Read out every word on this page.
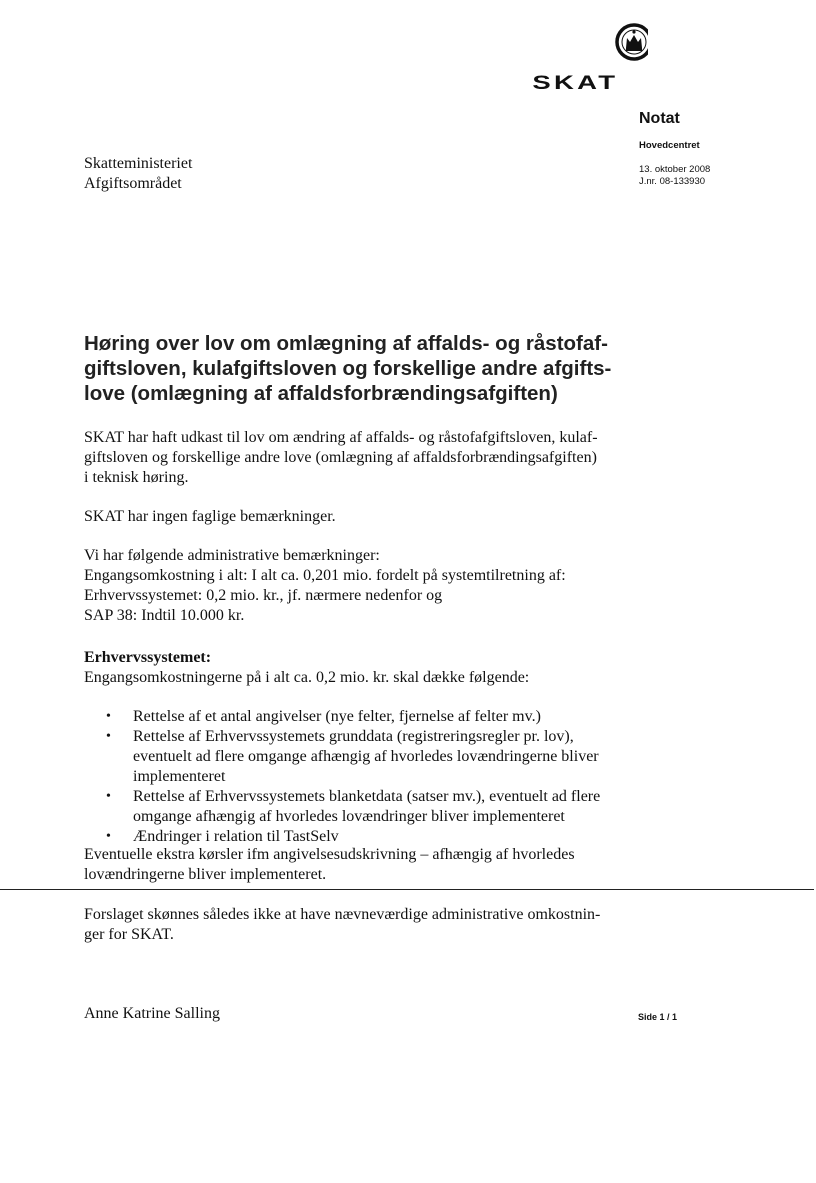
SKAT
Notat
Hovedcentret
13. oktober 2008
J.nr. 08-133930
Skatteministeriet
Afgiftsområdet
Høring over lov om omlægning af affalds- og råstofaf-
giftsloven, kulafgiftsloven og forskellige andre afgifts-
love (omlægning af affaldsforbrændingsafgiften)
SKAT har haft udkast til lov om ændring af affalds- og råstofafgiftsloven, kulaf-
giftsloven og forskellige andre love (omlægning af affaldsforbrændingsafgiften)
i teknisk høring.
SKAT har ingen faglige bemærkninger.
Vi har følgende administrative bemærkninger:
Engangsomkostning i alt: I alt ca. 0,201 mio. fordelt på systemtilretning af:
Erhvervssystemet: 0,2 mio. kr., jf. nærmere nedenfor og
SAP 38: Indtil 10.000 kr.
Erhvervssystemet:
Engangsomkostningerne på i alt ca. 0,2 mio. kr. skal dække følgende:
• Rettelse af et antal angivelser (nye felter, fjernelse af felter mv.)
• Rettelse af Erhvervssystemets grunddata (registreringsregler pr. lov),
eventuelt ad flere omgange afhængig af hvorledes lovændringerne bliver
implementeret
• Rettelse af Erhvervssystemets blanketdata (satser mv.), eventuelt ad flere
omgange afhængig af hvorledes lovændringer bliver implementeret
• Ændringer i relation til TastSelv
Eventuelle ekstra kørsler ifm angivelsesudskrivning – afhængig af hvorledes
lovændringerne bliver implementeret.
Forslaget skønnes således ikke at have nævneværdige administrative omkostnin-
ger for SKAT.
Anne Katrine Salling	Side 1 / 1
